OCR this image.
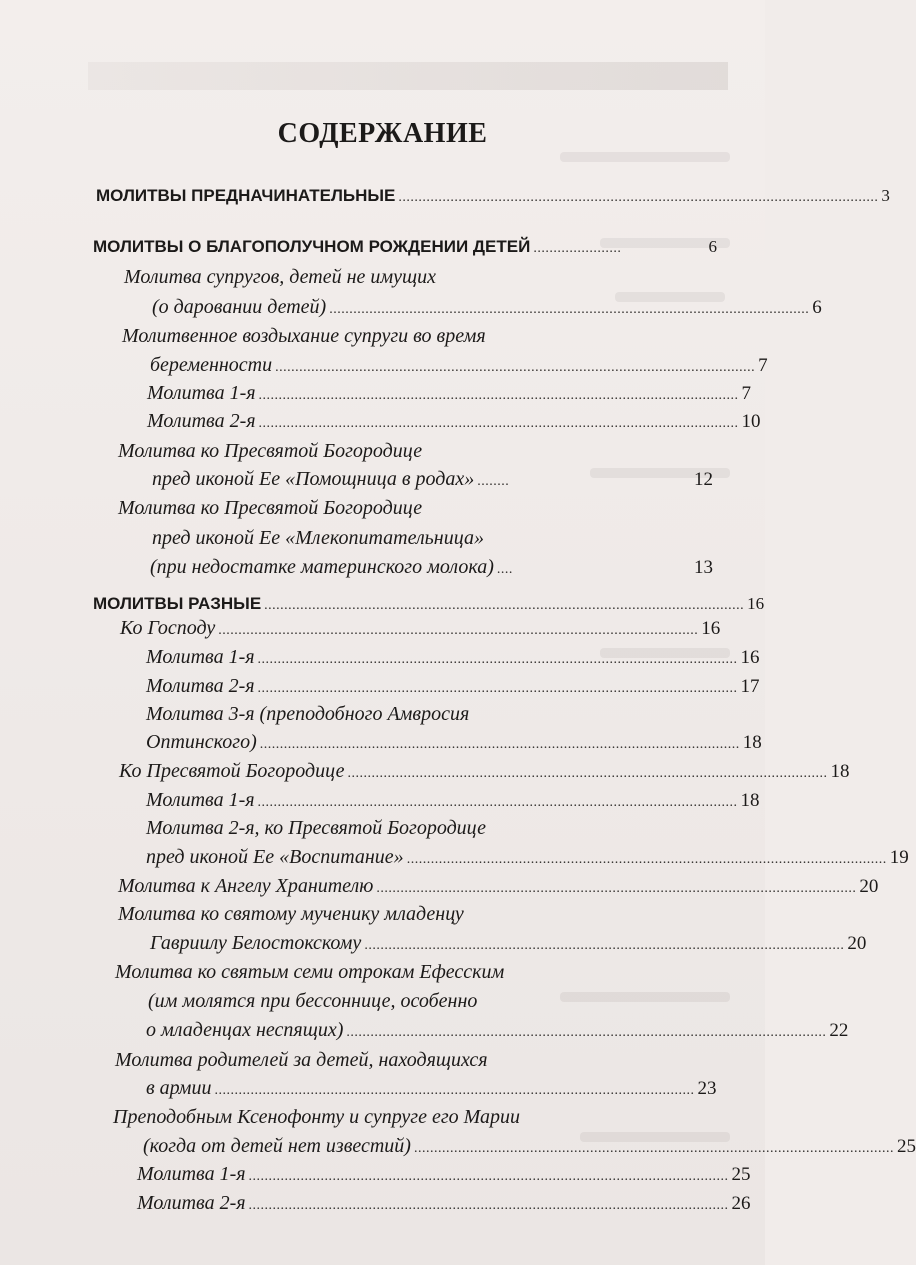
СОДЕРЖАНИЕ
МОЛИТВЫ ПРЕДНАЧИНАТЕЛЬНЫЕ ........................................................................................................................ 3
МОЛИТВЫ О БЛАГОПОЛУЧНОМ РОЖДЕНИИ ДЕТЕЙ ......................	6
Молитва супругов, детей не имущих
(о даровании детей) ........................................................................................................................ 6
Молитвенное воздыхание супруги во время
беременности ........................................................................................................................ 7
Молитва 1-я ........................................................................................................................ 7
Молитва 2-я ........................................................................................................................ 10
Молитва ко Пресвятой Богородице
пред иконой Ее «Помощница в родах» ........	12
Молитва ко Пресвятой Богородице
пред иконой Ее «Млекопитательница»
(при недостатке материнского молока) ....	13
МОЛИТВЫ РАЗНЫЕ ........................................................................................................................ 16
Ко Господу ........................................................................................................................ 16
Молитва 1-я ........................................................................................................................ 16
Молитва 2-я ........................................................................................................................ 17
Молитва 3-я (преподобного Амвросия
Оптинского) ........................................................................................................................ 18
Ко Пресвятой Богородице ........................................................................................................................ 18
Молитва 1-я ........................................................................................................................ 18
Молитва 2-я, ко Пресвятой Богородице
пред иконой Ее «Воспитание» ........................................................................................................................ 19
Молитва к Ангелу Хранителю ........................................................................................................................ 20
Молитва ко святому мученику младенцу
Гавриилу Белостокскому ........................................................................................................................ 20
Молитва ко святым семи отрокам Ефесским
(им молятся при бессоннице, особенно
о младенцах неспящих) ........................................................................................................................ 22
Молитва родителей за детей, находящихся
в армии ........................................................................................................................ 23
Преподобным Ксенофонту и супруге его Марии
(когда от детей нет известий) ........................................................................................................................ 25
Молитва 1-я ........................................................................................................................ 25
Молитва 2-я ........................................................................................................................ 26
